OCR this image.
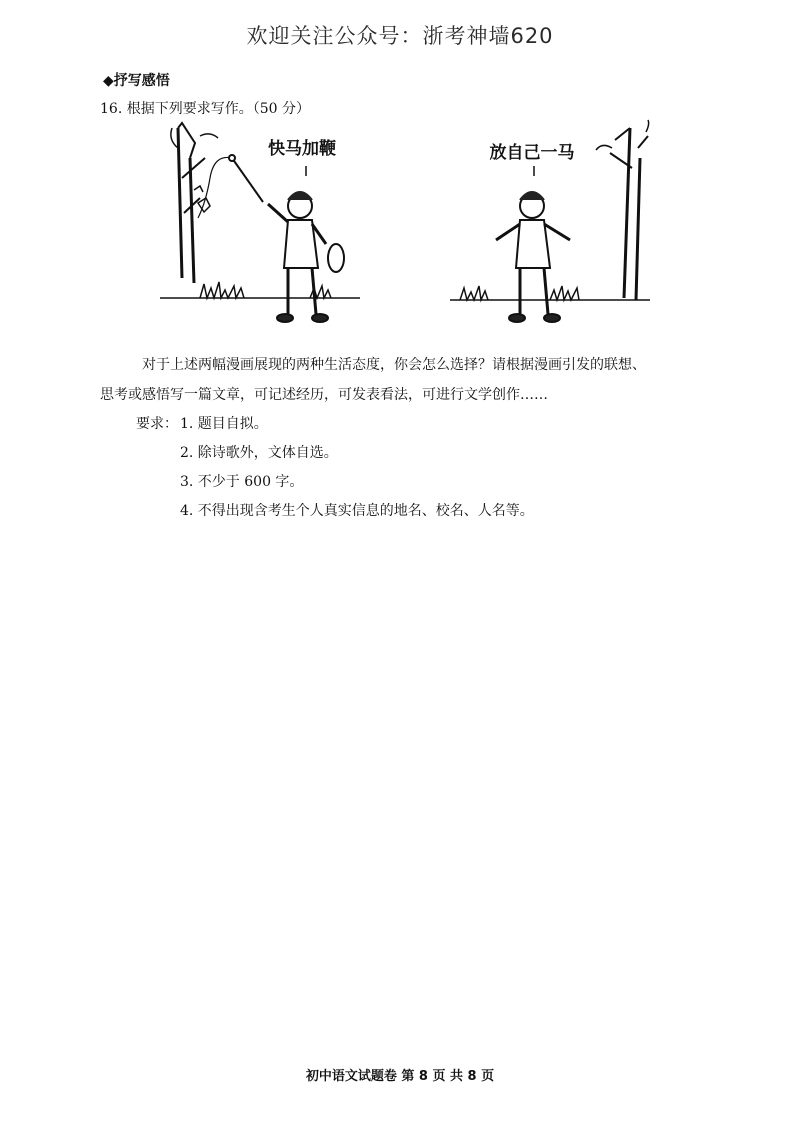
欢迎关注公众号：浙考神墙620
◆抒写感悟
16. 根据下列要求写作。（50 分）
快马加鞭	放自己一马
对于上述两幅漫画展现的两种生活态度，你会怎么选择？请根据漫画引发的联想、
思考或感悟写一篇文章，可记述经历，可发表看法，可进行文学创作……
要求： 1. 题目自拟。
2. 除诗歌外，文体自选。
3. 不少于 600 字。
4. 不得出现含考生个人真实信息的地名、校名、人名等。
初中语文试题卷 第 8 页 共 8 页
